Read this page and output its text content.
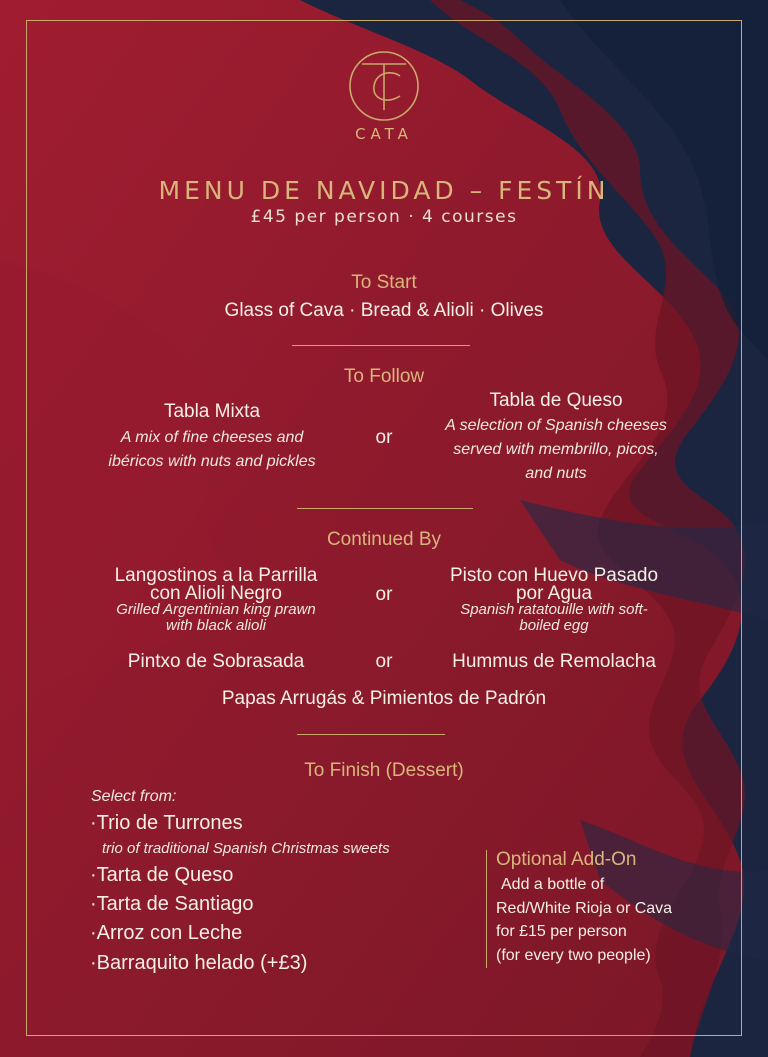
CATA
MENU DE NAVIDAD – FESTÍN
£45 per person · 4 courses
To Start
Glass of Cava · Bread & Alioli · Olives
To Follow
Tabla Mixta
A mix of fine cheeses and
ibéricos with nuts and pickles
or
Tabla de Queso
A selection of Spanish cheeses
served with membrillo, picos,
and nuts
Continued By
Langostinos a la Parrilla
con Alioli Negro
Grilled Argentinian king prawn
with black alioli
or
Pisto con Huevo Pasado
por Agua
Spanish ratatouille with soft-
boiled egg
Pintxo de Sobrasada	or	Hummus de Remolacha
Papas Arrugás & Pimientos de Padrón
To Finish (Dessert)
Select from:
·Trio de Turrones
trio of traditional Spanish Christmas sweets
·Tarta de Queso
·Tarta de Santiago
·Arroz con Leche
·Barraquito helado (+£3)
Optional Add-On
Add a bottle of
Red/White Rioja or Cava
for £15 per person
(for every two people)
